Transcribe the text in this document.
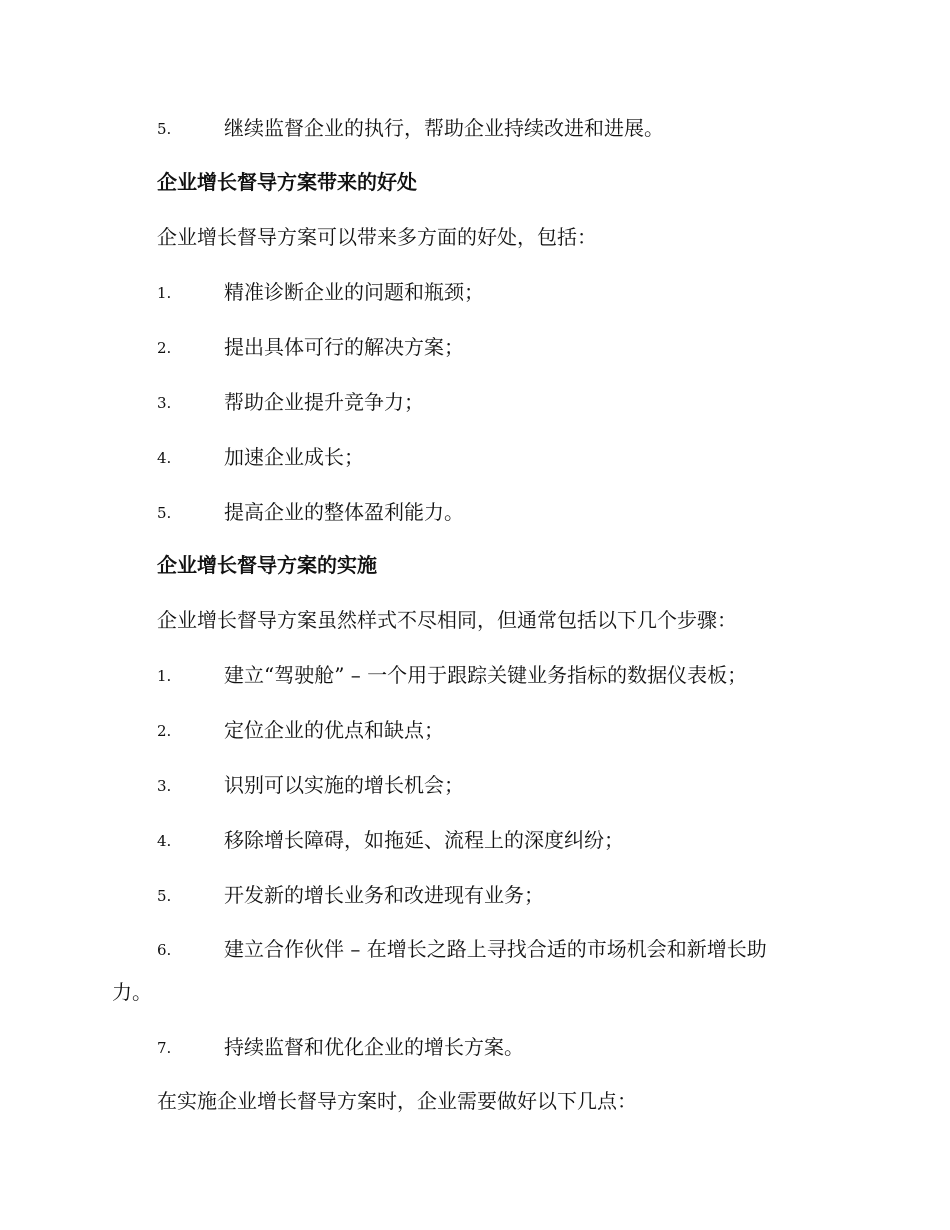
5.	继续监督企业的执行，帮助企业持续改进和进展。
企业增长督导方案带来的好处
企业增长督导方案可以带来多方面的好处，包括：
1.	精准诊断企业的问题和瓶颈；
2.	提出具体可行的解决方案；
3.	帮助企业提升竞争力；
4.	加速企业成长；
5.	提高企业的整体盈利能力。
企业增长督导方案的实施
企业增长督导方案虽然样式不尽相同，但通常包括以下几个步骤：
1.	建立“驾驶舱” – 一个用于跟踪关键业务指标的数据仪表板；
2.	定位企业的优点和缺点；
3.	识别可以实施的增长机会；
4.	移除增长障碍，如拖延、流程上的深度纠纷；
5.	开发新的增长业务和改进现有业务；
6.	建立合作伙伴 – 在增长之路上寻找合适的市场机会和新增长助
力。
7.	持续监督和优化企业的增长方案。
在实施企业增长督导方案时，企业需要做好以下几点：
